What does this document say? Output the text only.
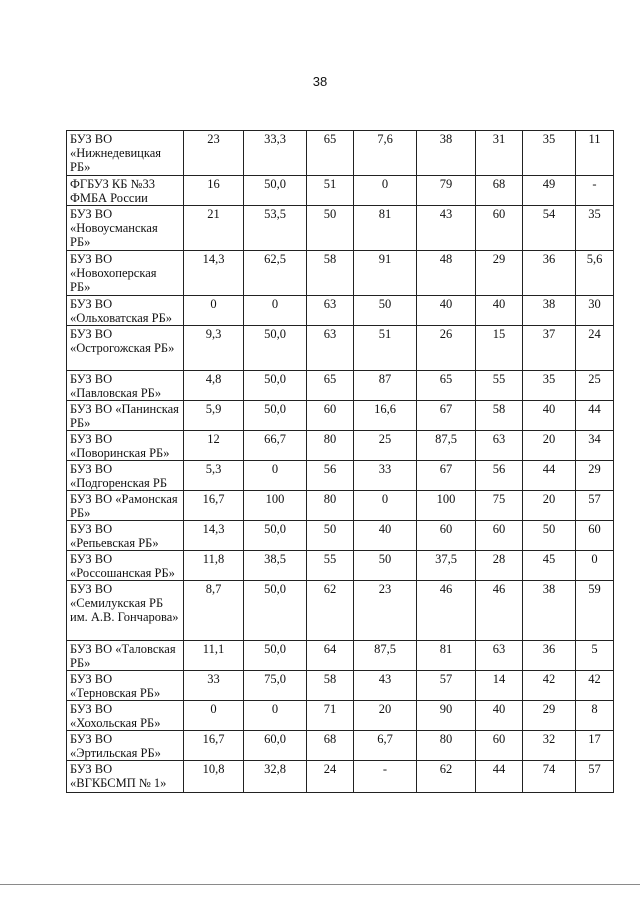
38
БУЗ ВО «Нижнедевицкая РБ»	23	33,3	65	7,6	38	31	35	11
ФГБУЗ КБ №33 ФМБА России	16	50,0	51	0	79	68	49	-
БУЗ ВО «Новоусманская РБ»	21	53,5	50	81	43	60	54	35
БУЗ ВО «Новохоперская РБ»	14,3	62,5	58	91	48	29	36	5,6
БУЗ ВО «Ольховатская РБ»	0	0	63	50	40	40	38	30
БУЗ ВО «Острогожская РБ»	9,3	50,0	63	51	26	15	37	24
БУЗ ВО «Павловская РБ»	4,8	50,0	65	87	65	55	35	25
БУЗ ВО «Панинская РБ»	5,9	50,0	60	16,6	67	58	40	44
БУЗ ВО «Поворинская РБ»	12	66,7	80	25	87,5	63	20	34
БУЗ ВО «Подгоренская РБ	5,3	0	56	33	67	56	44	29
БУЗ ВО «Рамонская РБ»	16,7	100	80	0	100	75	20	57
БУЗ ВО «Репьевская РБ»	14,3	50,0	50	40	60	60	50	60
БУЗ ВО «Россошанская РБ»	11,8	38,5	55	50	37,5	28	45	0
БУЗ ВО «Семилукская РБ им. А.В. Гончарова»	8,7	50,0	62	23	46	46	38	59
БУЗ ВО «Таловская РБ»	11,1	50,0	64	87,5	81	63	36	5
БУЗ ВО «Терновская РБ»	33	75,0	58	43	57	14	42	42
БУЗ ВО «Хохольская РБ»	0	0	71	20	90	40	29	8
БУЗ ВО «Эртильская РБ»	16,7	60,0	68	6,7	80	60	32	17
БУЗ ВО «ВГКБСМП № 1»	10,8	32,8	24	-	62	44	74	57
